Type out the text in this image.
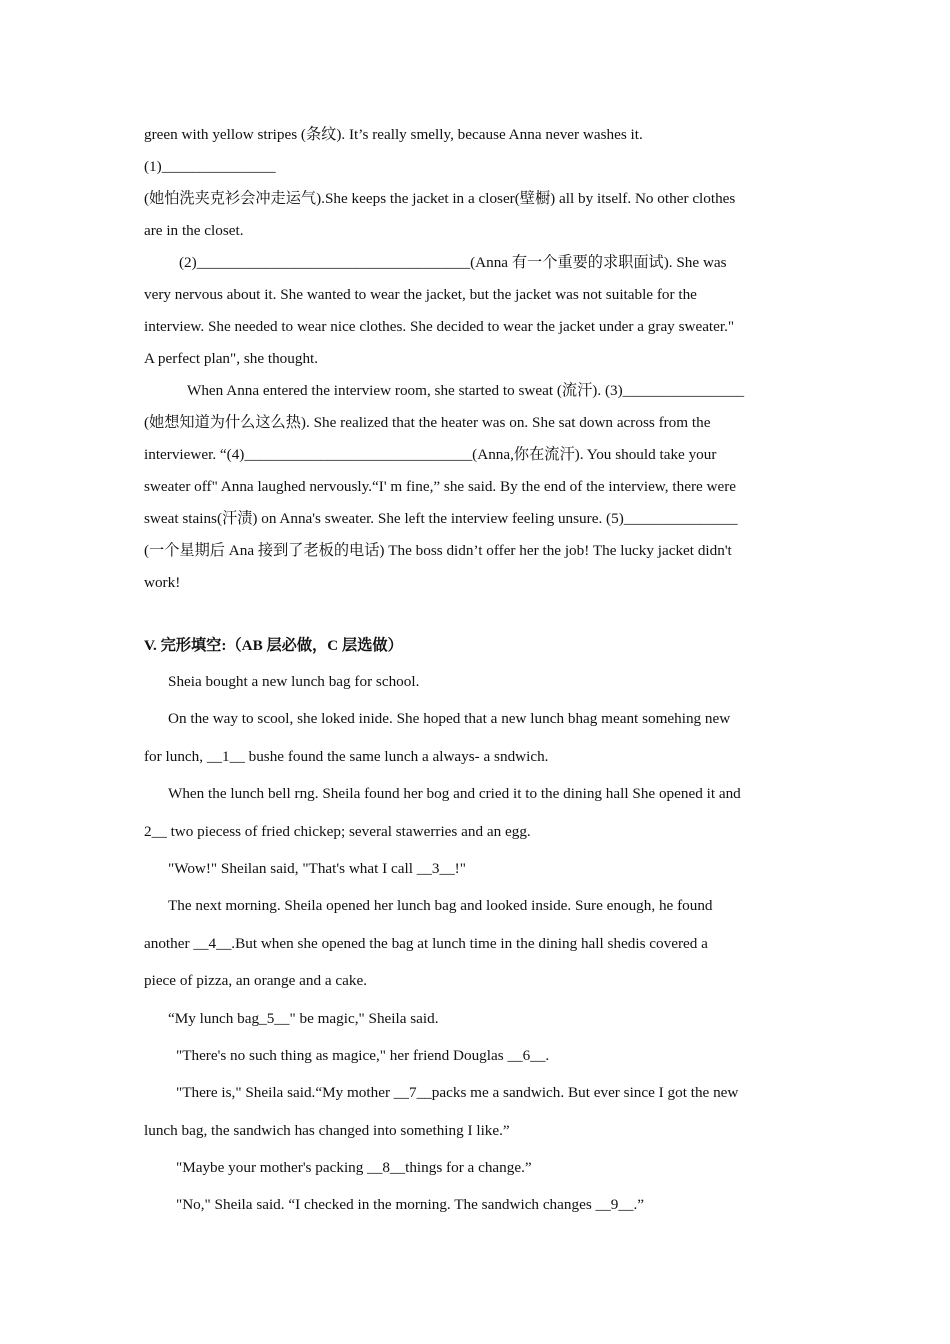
green with yellow stripes (条纹). It’s really smelly, because Anna never washes it.
(1)_______________
(她怕洗夹克衫会冲走运气).She keeps the jacket in a closer(壁橱) all by itself. No other clothes
are in the closet.
(2)____________________________________(Anna 有一个重要的求职面试). She was
very nervous about it. She wanted to wear the jacket, but the jacket was not suitable for the
interview. She needed to wear nice clothes. She decided to wear the jacket under a gray sweater."
A perfect plan", she thought.
When Anna entered the interview room, she started to sweat (流汗). (3)________________
(她想知道为什么这么热). She realized that the heater was on. She sat down across from the
interviewer. “(4)______________________________(Anna,你在流汗). You should take your
sweater off" Anna laughed nervously.“I' m fine,” she said. By the end of the interview, there were
sweat stains(汗渍) on Anna's sweater. She left the interview feeling unsure. (5)_______________
(一个星期后 Ana 接到了老板的电话) The boss didn’t offer her the job! The lucky jacket didn't
work!
V. 完形填空:（AB 层必做，C 层选做）
Sheia bought a new lunch bag for school.
On the way to scool, she loked inide. She hoped that a new lunch bhag meant somehing new
for lunch, __1__ bushe found the same lunch a always- a sndwich.
When the lunch bell rng. Sheila found her bog and cried it to the dining hall She opened it and
2__ two piecess of fried chickep; several stawerries and an egg.
"Wow!" Sheilan said, "That's what I call __3__!"
The next morning. Sheila opened her lunch bag and looked inside. Sure enough, he found
another __4__.But when she opened the bag at lunch time in the dining hall shedis covered a
piece of pizza, an orange and a cake.
“My lunch bag_5__" be magic," Sheila said.
"There's no such thing as magice," her friend Douglas __6__.
"There is," Sheila said.“My mother __7__packs me a sandwich. But ever since I got the new
lunch bag, the sandwich has changed into something I like.”
"Maybe your mother's packing __8__things for a change.”
"No," Sheila said. “I checked in the morning. The sandwich changes __9__.”
